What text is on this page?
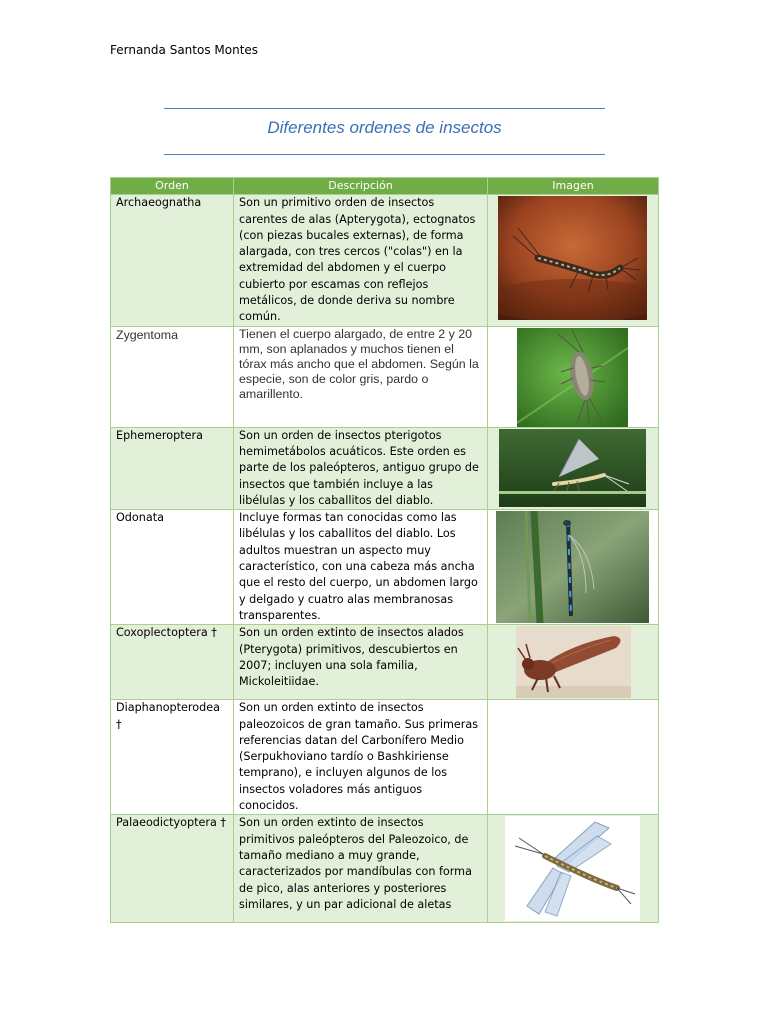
Fernanda Santos Montes
Diferentes ordenes de insectos
Orden	Descripción	Imagen
Archaeognatha	Son un primitivo orden de insectos carentes de alas (Apterygota), ectognatos (con piezas bucales externas), de forma alargada, con tres cercos ("colas") en la extremidad del abdomen y el cuerpo cubierto por escamas con reflejos metálicos, de donde deriva su nombre común.	

Zygentoma	Tienen el cuerpo alargado, de entre 2 y 20 mm, son aplanados y muchos tienen el tórax más ancho que el abdomen. Según la especie, son de color gris, pardo o amarillento.	

Ephemeroptera	Son un orden de insectos pterigotos hemimetábolos acuáticos. Este orden es parte de los paleópteros, antiguo grupo de insectos que también incluye a las libélulas y los caballitos del diablo.	

Odonata	Incluye formas tan conocidas como las libélulas y los caballitos del diablo. Los adultos muestran un aspecto muy característico, con una cabeza más ancha que el resto del cuerpo, un abdomen largo y delgado y cuatro alas membranosas transparentes.	

Coxoplectoptera †	Son un orden extinto de insectos alados (Pterygota) primitivos, descubiertos en 2007; incluyen una sola familia, Mickoleitiidae.	

Diaphanopterodea †	Son un orden extinto de insectos paleozoicos de gran tamaño. Sus primeras referencias datan del Carbonífero Medio (Serpukhoviano tardío o Bashkiriense temprano), e incluyen algunos de los insectos voladores más antiguos conocidos.	
Palaeodictyoptera †	Son un orden extinto de insectos primitivos paleópteros del Paleozoico, de tamaño mediano a muy grande, caracterizados por mandíbulas con forma de pico, alas anteriores y posteriores similares, y un par adicional de aletas	
